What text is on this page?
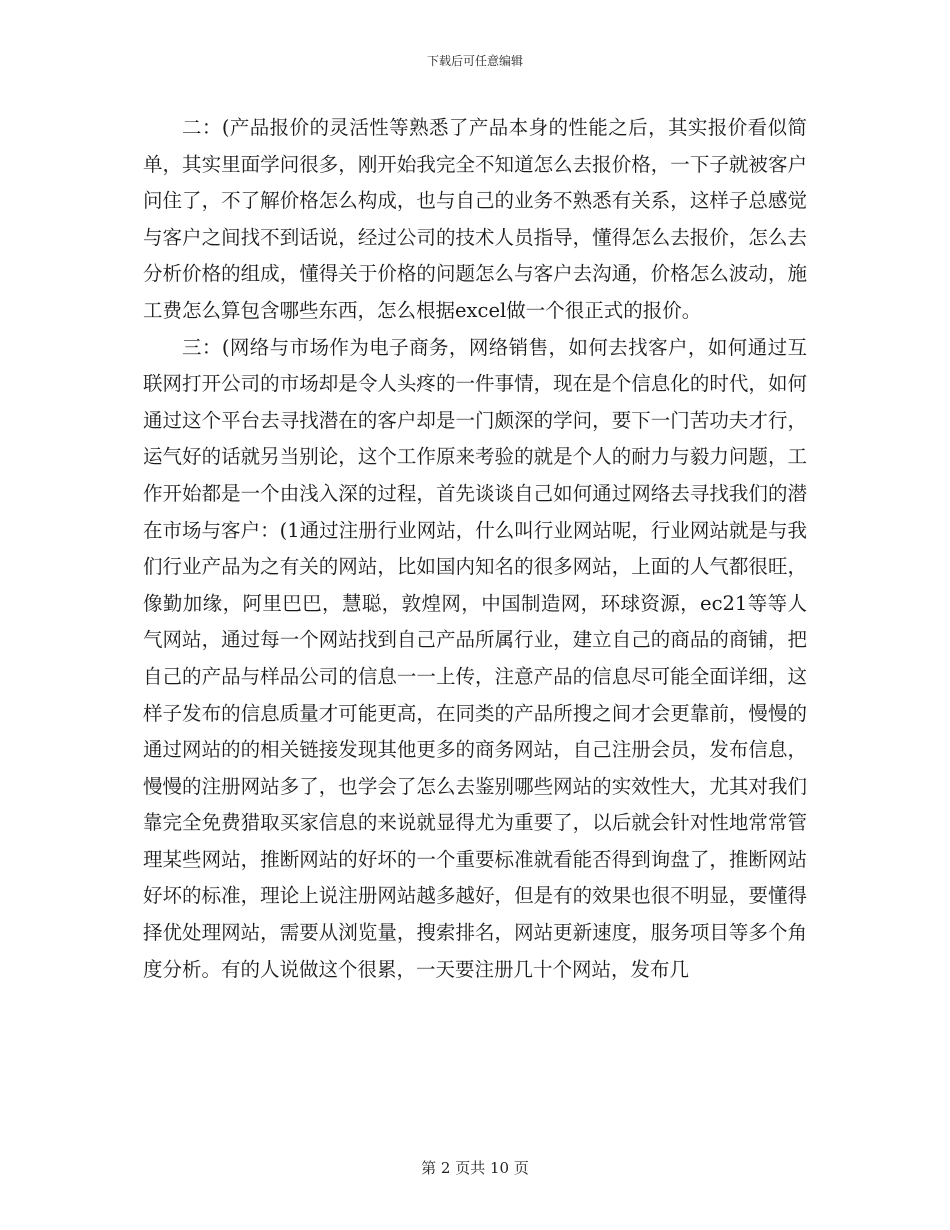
下载后可任意编辑

二：(产品报价的灵活性等熟悉了产品本身的性能之后，其实报价看似简单，其实里面学问很多，刚开始我完全不知道怎么去报价格，一下子就被客户问住了，不了解价格怎么构成，也与自己的业务不熟悉有关系，这样子总感觉与客户之间找不到话说，经过公司的技术人员指导，懂得怎么去报价，怎么去分析价格的组成，懂得关于价格的问题怎么与客户去沟通，价格怎么波动，施工费怎么算包含哪些东西，怎么根据excel做一个很正式的报价。

三：(网络与市场作为电子商务，网络销售，如何去找客户，如何通过互联网打开公司的市场却是令人头疼的一件事情，现在是个信息化的时代，如何通过这个平台去寻找潜在的客户却是一门颇深的学问，要下一门苦功夫才行，运气好的话就另当别论，这个工作原来考验的就是个人的耐力与毅力问题，工作开始都是一个由浅入深的过程，首先谈谈自己如何通过网络去寻找我们的潜在市场与客户：(1通过注册行业网站，什么叫行业网站呢，行业网站就是与我们行业产品为之有关的网站，比如国内知名的很多网站，上面的人气都很旺，像勤加缘，阿里巴巴，慧聪，敦煌网，中国制造网，环球资源，ec21等等人气网站，通过每一个网站找到自己产品所属行业，建立自己的商品的商铺，把自己的产品与样品公司的信息一一上传，注意产品的信息尽可能全面详细，这样子发布的信息质量才可能更高，在同类的产品所搜之间才会更靠前，慢慢的通过网站的的相关链接发现其他更多的商务网站，自己注册会员，发布信息，慢慢的注册网站多了，也学会了怎么去鉴别哪些网站的实效性大，尤其对我们靠完全免费猎取买家信息的来说就显得尤为重要了，以后就会针对性地常常管理某些网站，推断网站的好坏的一个重要标准就看能否得到询盘了，推断网站好坏的标准，理论上说注册网站越多越好，但是有的效果也很不明显，要懂得择优处理网站，需要从浏览量，搜索排名，网站更新速度，服务项目等多个角度分析。有的人说做这个很累，一天要注册几十个网站，发布几

第 2 页共 10 页
